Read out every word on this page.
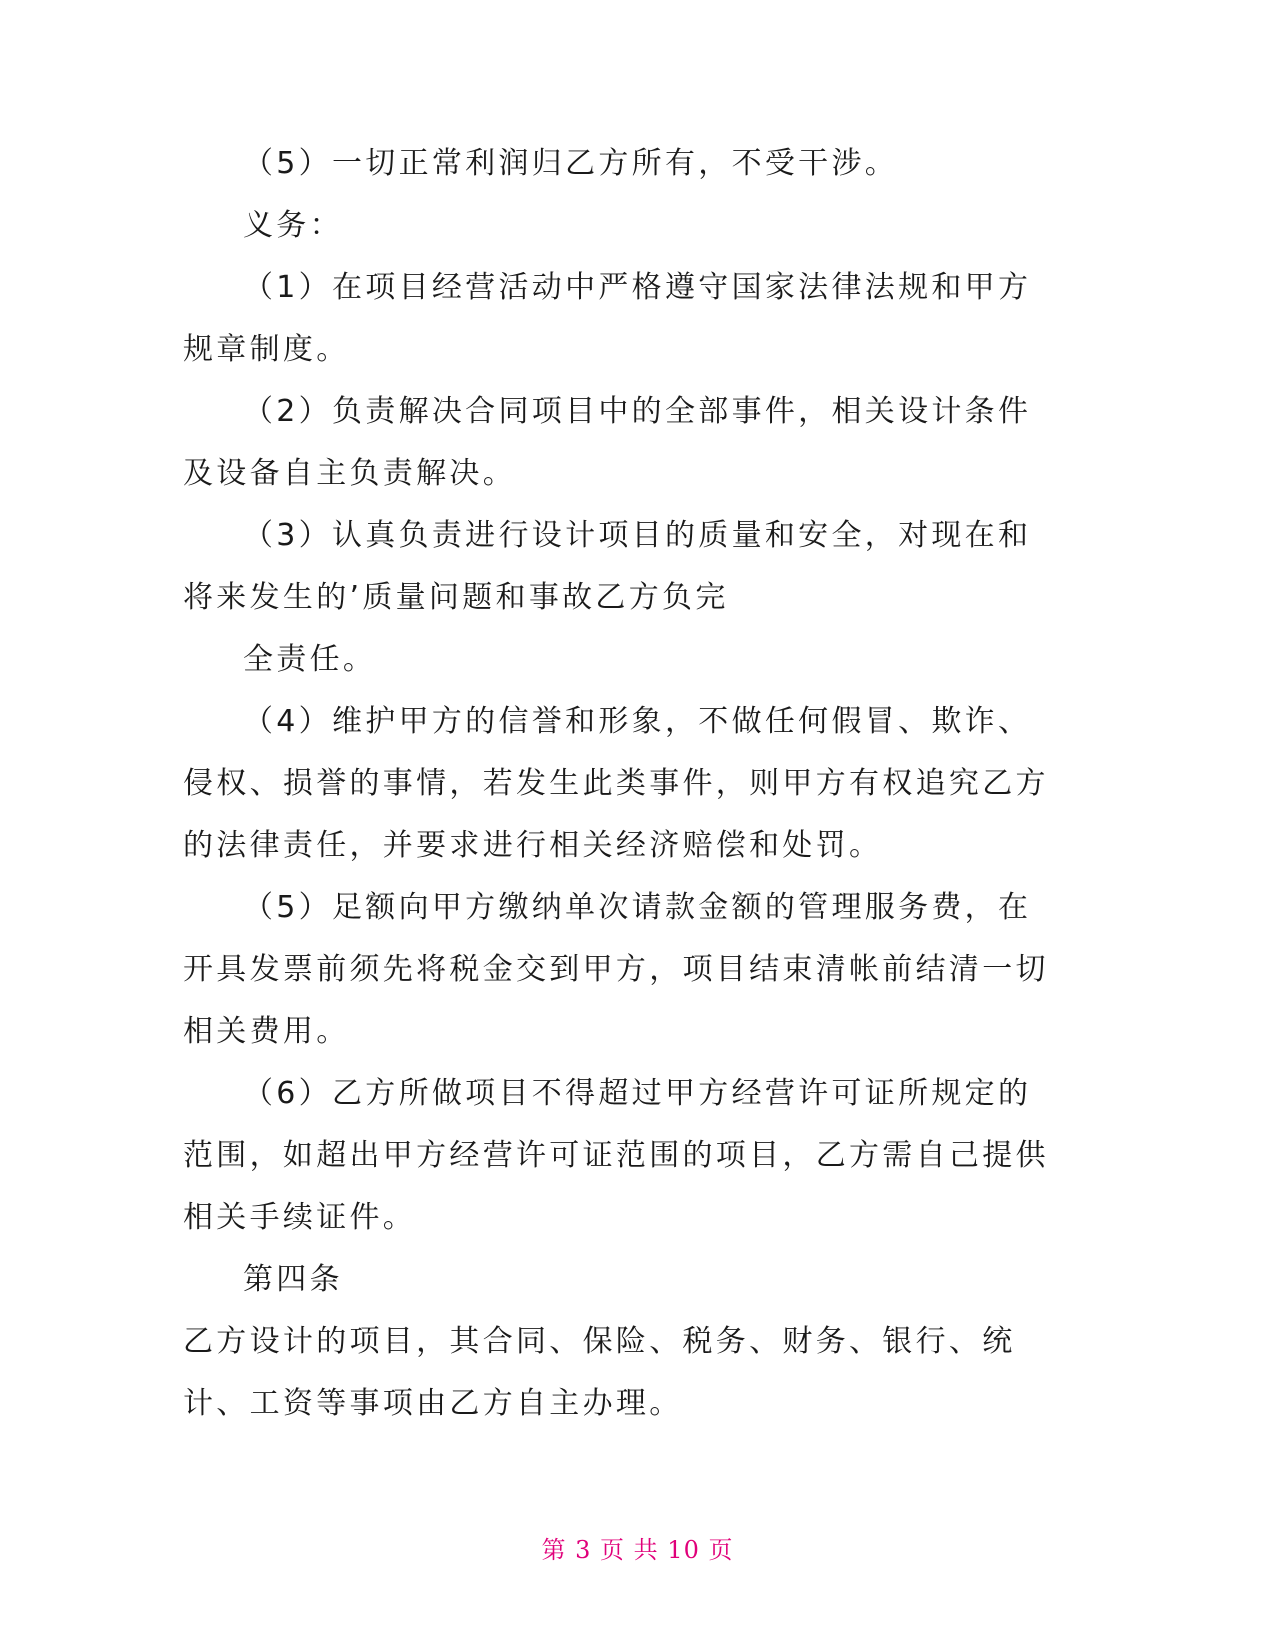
（5）一切正常利润归乙方所有，不受干涉。

义务：

（1）在项目经营活动中严格遵守国家法律法规和甲方规章制度。

（2）负责解决合同项目中的全部事件，相关设计条件及设备自主负责解决。

（3）认真负责进行设计项目的质量和安全，对现在和将来发生的’质量问题和事故乙方负完

全责任。

（4）维护甲方的信誉和形象，不做任何假冒、欺诈、侵权、损誉的事情，若发生此类事件，则甲方有权追究乙方的法律责任，并要求进行相关经济赔偿和处罚。

（5）足额向甲方缴纳单次请款金额的管理服务费，在开具发票前须先将税金交到甲方，项目结束清帐前结清一切相关费用。

（6）乙方所做项目不得超过甲方经营许可证所规定的范围，如超出甲方经营许可证范围的项目，乙方需自己提供相关手续证件。

第四条

乙方设计的项目，其合同、保险、税务、财务、银行、统计、工资等事项由乙方自主办理。

第 3 页 共 10 页
